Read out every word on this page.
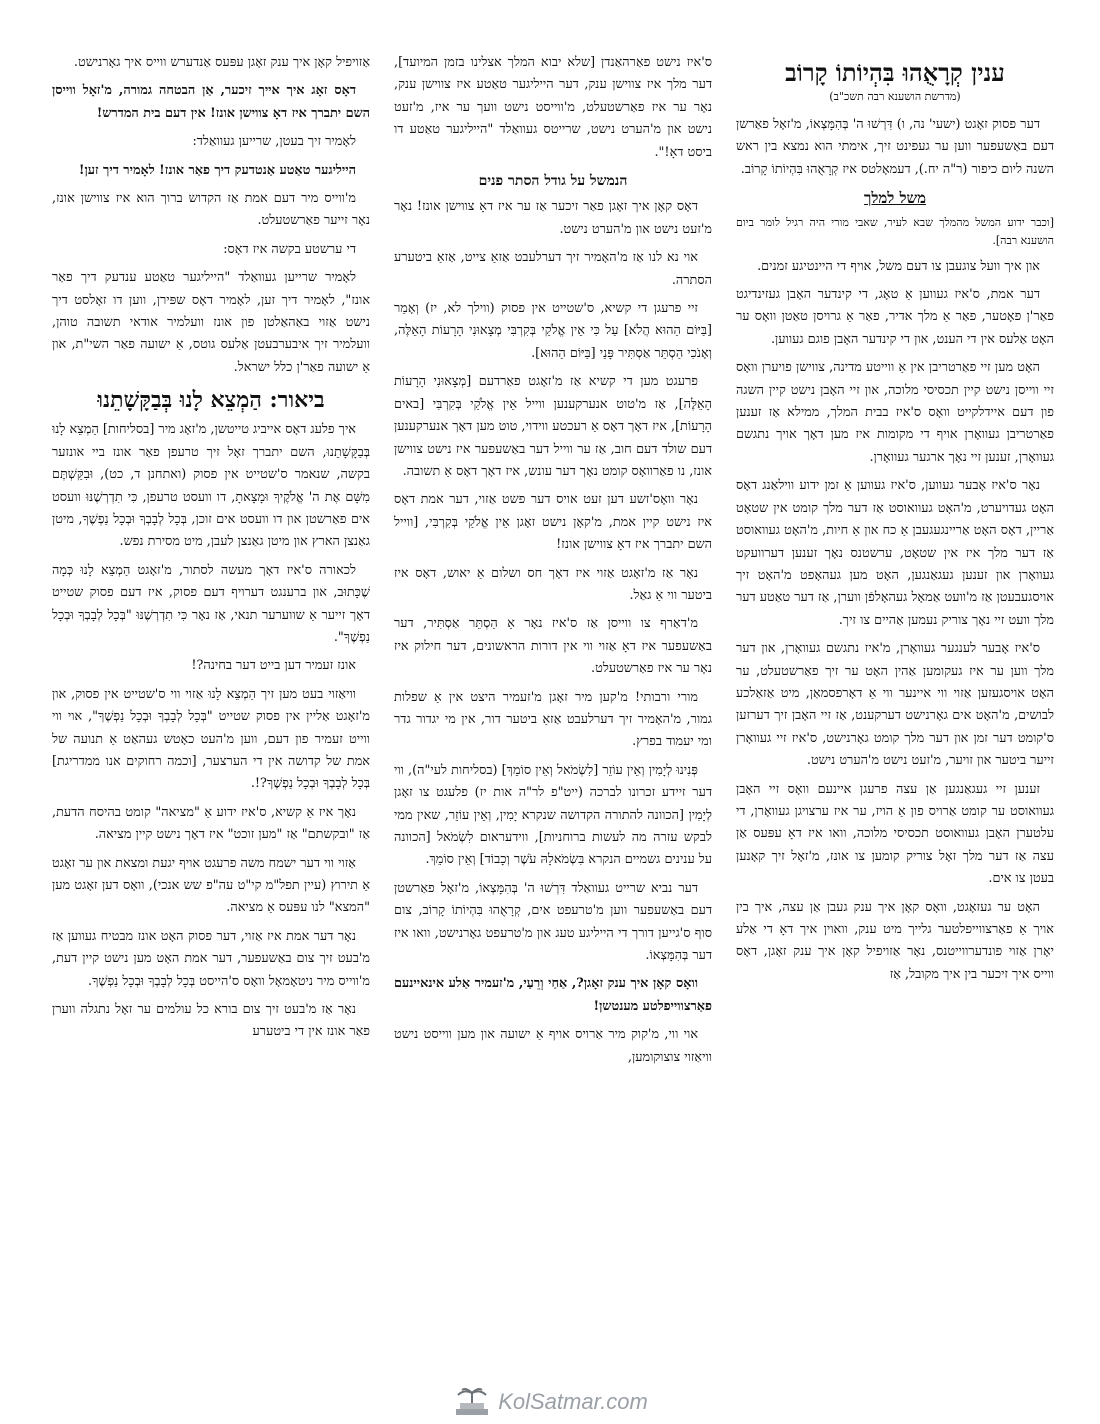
ענין קְרָאֻהוּ בִּהְיוֹתוֹ קָרוֹב
(מדרשת הושענא רבה תשכ"ב)

דער פסוק זאָגט (ישעי' נה, ו) דִּרְשׁוּ ה' בְּהִמָּצְאוֹ, מ'זאָל פאַרשן דעם באַשעפער ווען ער געפינט זיך, אימתי הוא נמצא בין ראש השנה ליום כיפור (ר"ה יח.), דעמאָלטס איז קְרָאֻהוּ בִּהְיוֹתוֹ קָרוֹב.

משל למלך

[וכבר ידוע המשל מהמלך שבא לעיר, שאבי מורי היה רגיל לומר ביום הושענא רבה].

און איך וועל צוגעבן צו דעם משל, אויף די היינטיגע זמנים.

דער אמת, ס'איז געווען אַ טאָג, די קינדער האָבן געזינדיגט פאַר'ן פאָטער, פאַר אַ מלך אדיר, פאַר אַ גרויסן טאַטן וואָס ער האָט אַלעס אין די הענט, און די קינדער האָבן פוגם געווען.

האָט מען זיי פאַרטריבן אין אַ ווייטע מדינה, צווישן פויערן וואָס זיי ווייסן נישט קיין תכסיסי מלוכה, און זיי האָבן נישט קיין השגה פון דעם איידלקייט וואָס ס'איז בבית המלך, ממילא אַז זענען פאַרטריבן געוואָרן אויף די מקומות איז מען דאָך אויך נתגשם געוואָרן, זענען זיי נאָך ארגער געוואָרן.

נאָר ס'איז אָבער געווען, ס'איז געווען אַ זמן ידוע ווילאַנג דאָס האָט געדויערט, מ'האָט געוואוסט אַז דער מלך קומט אין שטאָט אַריין, דאָס האָט אַריינגעגעבן אַ כח און אַ חיות, מ'האָט געוואוסט אַז דער מלך איז אין שטאָט, ערשטנס נאָך זענען דערוועקט געוואָרן און זענען געגאַנגען, האָט מען געהאָפט מ'האָט זיך אויסגעבעטן אַז מ'וועט אַמאָל געהאָלפֿן ווערן, אַז דער טאַטע דער מלך וועט זיי נאָך צוריק נעמען אַהיים צו זיך.

ס'איז אָבער לענגער געוואָרן, מ'איז נתגשם געוואָרן, און דער מלך ווען ער איז געקומען אַהין האָט ער זיך פאַרשטעלט, ער האָט אויסגעזען אַזוי ווי איינער ווי אַ דאָרפסמאַן, מיט אַזאַלכע לבושים, מ'האָט אים גאָרנישט דערקענט, אַז זיי האָבן זיך דערזען ס'קומט דער זמן און דער מלך קומט גאָרנישט, ס'איז זיי געוואָרן זייער ביטער און זויער, מ'זעט נישט מ'הערט נישט.

זענען זיי געגאַנגען אַן עצה פרעגן איינעם וואָס זיי האָבן געוואוסט ער קומט אַרויס פון אַ הויז, ער איז ערצויגן געוואָרן, די עלטערן האָבן געוואוסט תכסיסי מלוכה, וואו איז דאָ עפּעס אַן עצה אַז דער מלך זאָל צוריק קומען צו אונז, מ'זאָל זיך קאָנען בעטן צו אים.

האָט ער געזאָגט, וואָס קאָן איך ענק געבן אַן עצה, איך בין אויך אַ פאַרצווייפלטער גלייך מיט ענק, וואוין איך דאָ די אַלע יאָרן אַזוי פונדערווייטנס, נאָר אַזויפיל קאָן איך ענק זאָגן, דאָס ווייס איך זיכער בין איך מקובל, אַז

ס'איז נישט פאַרהאַנדן [שלא יבוא המלך אצלינו בזמן המיועד], דער מלך איז צווישן ענק, דער הייליגער טאַטע איז צווישן ענק, נאָר ער איז פאַרשטעלט, מ'ווייסט נישט וועך ער איז, מ'זעט נישט און מ'הערט נישט, שרייטס געוואַלד "הייליגער טאַטע דו ביסט דאָ!".

הנמשל על גודל הסתר פנים

דאָס קאָן איך זאָגן פאַר זיכער אַז ער איז דאָ צווישן אונז! נאָר מ'זעט נישט און מ'הערט נישט.

אוי נא לנו אַז מ'האָמיר זיך דערלעבט אַזאַ צייט, אַזאַ ביטערע הסתרה.

זיי פרעגן די קשיא, ס'שטייט אין פסוק (ווילך לא, יז) וְאָמַר [בַּיּוֹם הַהוּא הֲלֹא] עַל כִּי אֵין אֱלֹקַי בְּקִרְבִּי מְצָאוּנִי הָרָעוֹת הָאֵלֶּה, וְאָנֹכִי הַסְתֵּר אַסְתִּיר פָּנַי [בַּיּוֹם הַהוּא].

פרעגט מען די קשיא אַז מ'זאָגט פאַרדעם [מְצָאוּנִי הָרָעוֹת הָאֵלֶּה], אַז מ'טוט אנערקענען ווייל אֵין אֱלֹקַי בְּקִרְבִּי [באים הָרָעוֹת], איז דאָך דאָס אַ רעכטע ווידוי, טוט מען דאָך אנערקענען דעם שולד דעם חוב, אַז ער ווייל דער באַשעפער איז נישט צווישן אונז, נו פאַרוואָס קומט נאָך דער עונש, איז דאָך דאָס אַ תשובה.

נאָר וואָס'זשע דען זעט אויס דער פשט אַזוי, דער אמת דאָס איז נישט קיין אמת, מ'קאָן נישט זאָגן אֵין אֱלֹקַי בְּקִרְבִּי, [ווייל השם יתברך איז דאָ צווישן אונז!

נאָר אַז מ'זאָגט אַזוי איז דאָך חס ושלום אַ יאוש, דאָס איז ביטער ווי אַ גאַל.

מ'דאַרף צו ווייסן אַז ס'איז נאָר אַ הַסְתֵּר אַסְתִּיר, דער באַשעפער איז דאָ אַזוי ווי אין דורות הראשונים, דער חילוק איז נאָר ער איז פאַרשטעלט.

מורי ורבותי! מ'קען מיר זאָגן מ'זעמיר היצט אין אַ שפלות גמור, מ'האָמיר זיך דערלעבט אַזאַ ביטער דור, אין מי יגדור גדר ומי יעמוד בפרץ.

פְּנִינוּ לְיָמִין וְאֵין עוֹזֵר [לִשְׂמֹאל וְאֵין סוֹמֵךְ] (בסליחות לעי"ה), ווי דער זיידע זכרונו לברכה (ייט"פ לר"ה אות יז) פלעגט צו זאָגן לְיָמִין [הכוונה להתורה הקדושה שנקרא יָמִין, וְאֵין עוֹזֵר, שאין ממי לבקש עזרה מה לעשות ברוחניות], ווידעראום לִשְׂמֹאל [הכוונה על ענינים גשמיים הנקרא בִּשְׂמֹאלָהּ עֹשֶׁר וְכָבוֹד] וְאֵין סוֹמֵךְ.

דער נביא שרייט געוואַלד דִּרְשׁוּ ה' בְּהִמָּצְאוֹ, מ'זאָל פאַרשטן דעם באַשעפער ווען מ'טרעפט אים, קְרָאֻהוּ בִּהְיוֹתוֹ קָרוֹב, צום סוף ס'גייען דורך די הייליגע טעג און מ'טרעפט גאָרנישט, וואו איז דער בְּהִמָּצְאוֹ.

וואָס קאָן איך ענק זאָגן?, אַחַי וְרֵעַי, מ'זעמיר אַלע אינאיינעם פאַרצווייפלטע מענטשן!

אוי ווי, מ'קוק מיר אַרויס אויף אַ ישועה און מען ווייסט נישט וויאַזוי צוצוקומען,

אַזויפיל קאָן איך ענק זאָגן עפּעס אַנדערש ווייס איך גאָרנישט.

דאָס זאָג איך אייך זיכער, אַן הבטחה גמורה, מ'זאָל ווייסן השם יתברך איז דאָ צווישן אונז! אין דעם בית המדרש!

לאָמיר זיך בעטן, שרייען געוואַלד:

הייליגער טאַטע אַנטדעק דיך פאַר אונז! לאָמיר דיך זען!

מ'ווייס מיר דעם אמת אַז הקדוש ברוך הוא איז צווישן אונז, נאָר זייער פאַרשטעלט.

די ערשטע בקשה איז דאָס:

לאָמיר שרייען געוואַלד "הייליגער טאַטע ענדעק דיך פאַר אונז", לאָמיר דיך זען, לאָמיר דאָס שפּירן, ווען דו זאָלסט דיך נישט אַזוי באַהאַלטן פון אונז וועלמיר אודאי תשובה טוהן, וועלמיר זיך איבערבעטן אַלעס גוטס, אַ ישועה פאַר השי"ת, און אַ ישועה פאַר'ן כלל ישראל.

ביאור: הַמְצֵא לָנוּ בְּבַקָּשָׁתֵנוּ

איך פלעג דאָס אייביג טייטשן, מ'זאָג מיר [בסליחות] הַמְצֵא לָנוּ בְּבַקָּשָׁתֵנוּ, השם יתברך זאָל זיך טרעפן פאַר אונז ביי אונזער בקשה, שנאמר ס'שטייט אין פסוק (ואתחנן ד, כט), וּבִקַּשְׁתֶּם מִשָּׁם אֶת ה' אֱלֹקֶיךָ וּמָצָאתָ, דו וועסט טרעפן, כִּי תִדְרְשֶׁנּוּ וועסט אים פאַרשטן און דו וועסט אים זוכן, בְּכָל לְבָבְךָ וּבְכָל נַפְשֶׁךָ, מיטן גאַנצן הארץ און מיטן גאַנצן לעבן, מיט מסירת נפש.

לכאורה ס'איז דאָך מעשה לסתור, מ'זאָגט הַמְצֵא לָנוּ כְּמָה שֶׁכָּתוּב, און ברענגט דערויף דעם פסוק, איז דעם פסוק שטייט דאָך זייער אַ שווערער תנאי, אַז נאָר כִּי תִדְרְשֶׁנּוּ "בְּכָל לְבָבְךָ וּבְכָל נַפְשֶׁךָ".

אונז זעמיר דען בייט דער בחינה?!

וויאַזוי בעט מען זיך הַמְצֵא לָנוּ אַזוי ווי ס'שטייט אין פסוק, און מ'זאָגט אַליין אין פסוק שטייט "בְּכָל לְבָבְךָ וּבְכָל נַפְשֶׁךָ", אוי ווי ווייט זעמיר פון דעם, ווען מ'העט כאָטש געהאַט אַ תנועה של אמת של קדושה אין די הערצער, [וכמה רחוקים אנו ממדריגת] בְּכָל לְבָבְךָ וּבְכָל נַפְשֶׁךָ?!.

נאָך איז אַ קשיא, ס'איז ידוע אַ "מציאה" קומט בהיסח הדעת, אַז "ובקשתם" אַז "מען זוכט" איז דאָך נישט קיין מציאה.

אַזוי ווי דער ישמח משה פרעגט אויף יגעת ומצאת און ער זאָגט אַ תירוץ (עיין תפל"מ קי"ט עה"פ שש אנכי), וואָס דען זאָגט מען "המצא" לנו עפּעס אַ מציאה.

נאָר דער אמת איז אַזוי, דער פסוק האָט אונז מבטיח געווען אַז מ'בעט זיך צום באַשעפער, דער אמת האָט מען נישט קיין דעת, מ'ווייס מיר ניטאָמאָל וואָס ס'הייסט בְּכָל לְבָבְךָ וּבְכָל נַפְשֶׁךָ.

נאָר אַז מ'בעט זיך צום בורא כל עולמים ער זאָל נתגלה ווערן פאַר אונז אין די ביטערע

KolSatmar.com
